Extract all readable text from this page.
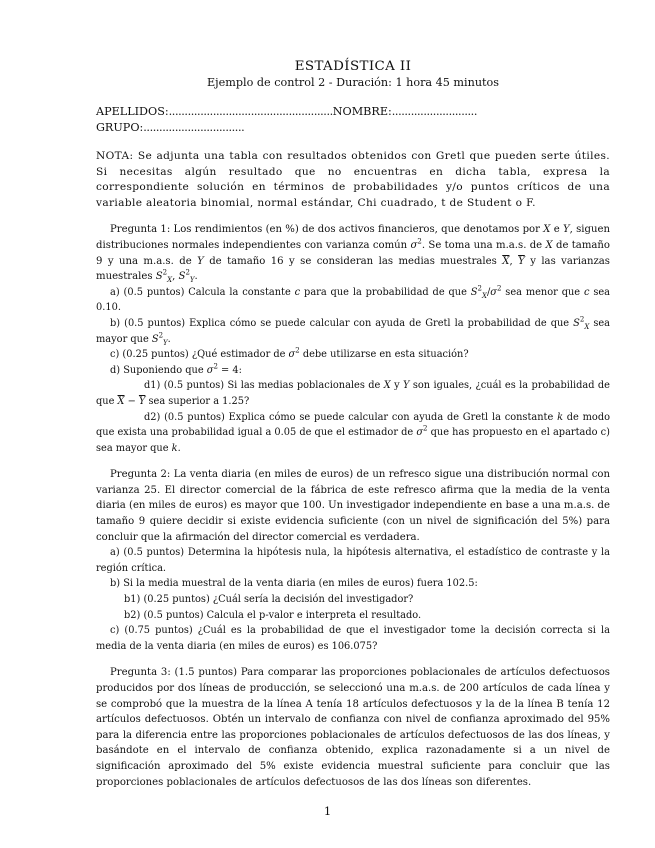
ESTADÍSTICA II
Ejemplo de control 2 - Duración: 1 hora 45 minutos
APELLIDOS:....................................................NOMBRE:...........................
GRUPO:................................

NOTA: Se adjunta una tabla con resultados obtenidos con Gretl que pueden serte útiles. Si necesitas algún resultado que no encuentras en dicha tabla, expresa la correspondiente solución en términos de probabilidades y/o puntos críticos de una variable aleatoria binomial, normal estándar, Chi cuadrado, t de Student o F.

Pregunta 1: Los rendimientos (en %) de dos activos financieros, que denotamos por X e Y, siguen distribuciones normales independientes con varianza común $\sigma^2$. Se toma una m.a.s. de X de tamaño 9 y una m.a.s. de Y de tamaño 16 y se consideran las medias muestrales $\overline{X}$, $\overline{Y}$ y las varianzas muestrales $S^2_X$, $S^2_Y$.

a) (0.5 puntos) Calcula la constante c para que la probabilidad de que $S^2_X/\sigma^2$ sea menor que c sea 0.10.

b) (0.5 puntos) Explica cómo se puede calcular con ayuda de Gretl la probabilidad de que $S^2_X$ sea mayor que $S^2_Y$.

c) (0.25 puntos) ¿Qué estimador de $\sigma^2$ debe utilizarse en esta situación?

d) Suponiendo que $\sigma^2 = 4$:

d1) (0.5 puntos) Si las medias poblacionales de X y Y son iguales, ¿cuál es la probabilidad de que $\overline{X} - \overline{Y}$ sea superior a 1.25?

d2) (0.5 puntos) Explica cómo se puede calcular con ayuda de Gretl la constante k de modo que exista una probabilidad igual a 0.05 de que el estimador de $\sigma^2$ que has propuesto en el apartado c) sea mayor que k.

Pregunta 2: La venta diaria (en miles de euros) de un refresco sigue una distribución normal con varianza 25. El director comercial de la fábrica de este refresco afirma que la media de la venta diaria (en miles de euros) es mayor que 100. Un investigador independiente en base a una m.a.s. de tamaño 9 quiere decidir si existe evidencia suficiente (con un nivel de significación del 5%) para concluir que la afirmación del director comercial es verdadera.

a) (0.5 puntos) Determina la hipótesis nula, la hipótesis alternativa, el estadístico de contraste y la región crítica.

b) Si la media muestral de la venta diaria (en miles de euros) fuera 102.5:

b1) (0.25 puntos) ¿Cuál sería la decisión del investigador?

b2) (0.5 puntos) Calcula el p-valor e interpreta el resultado.

c) (0.75 puntos) ¿Cuál es la probabilidad de que el investigador tome la decisión correcta si la media de la venta diaria (en miles de euros) es 106.075?

Pregunta 3: (1.5 puntos) Para comparar las proporciones poblacionales de artículos defectuosos producidos por dos líneas de producción, se seleccionó una m.a.s. de 200 artículos de cada línea y se comprobó que la muestra de la línea A tenía 18 artículos defectuosos y la de la línea B tenía 12 artículos defectuosos. Obtén un intervalo de confianza con nivel de confianza aproximado del 95% para la diferencia entre las proporciones poblacionales de artículos defectuosos de las dos líneas, y basándote en el intervalo de confianza obtenido, explica razonadamente si a un nivel de significación aproximado del 5% existe evidencia muestral suficiente para concluir que las proporciones poblacionales de artículos defectuosos de las dos líneas son diferentes.

1
